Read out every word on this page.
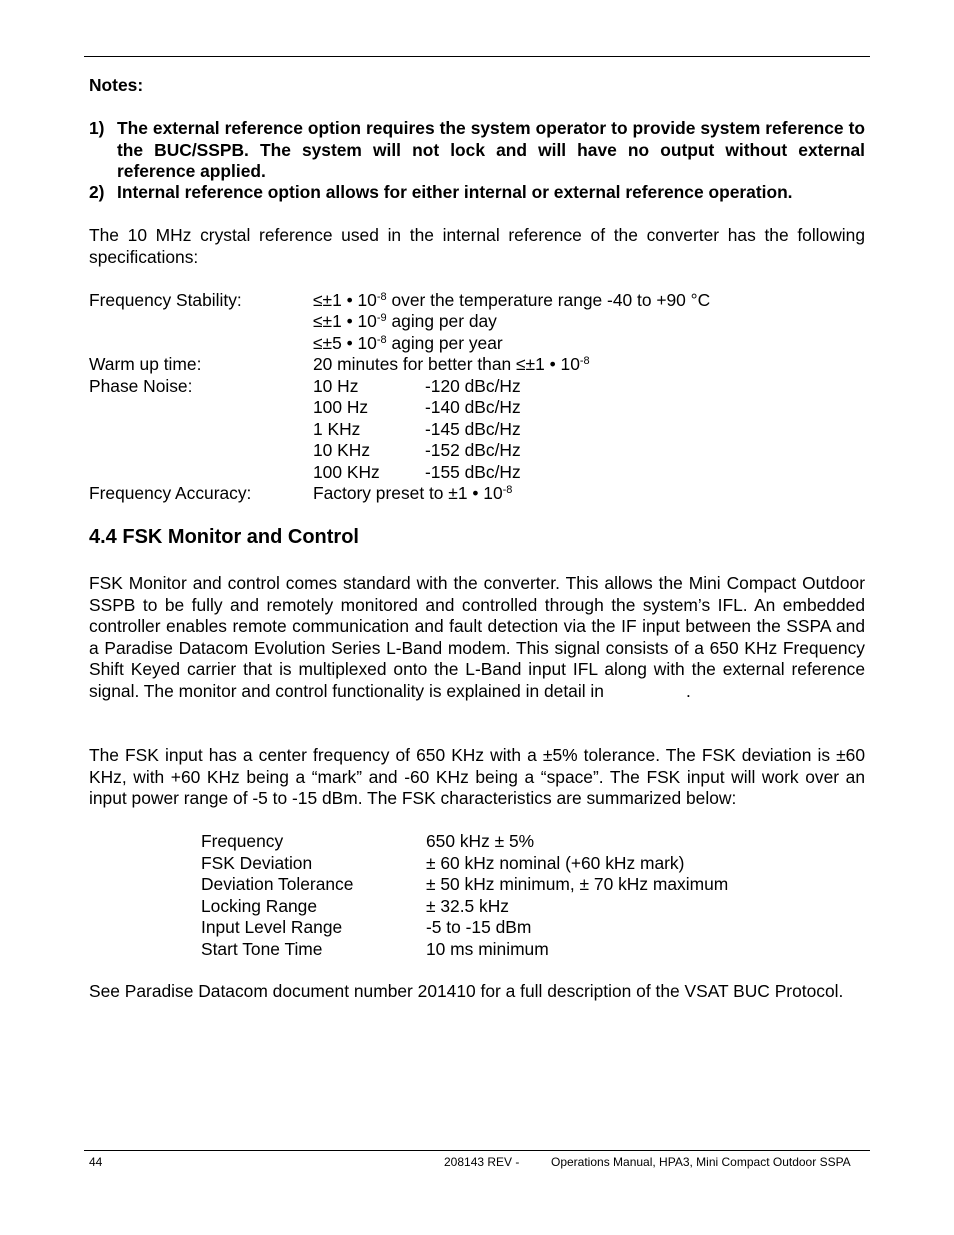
Notes:
1) The external reference option requires the system operator to provide system reference to the BUC/SSPB. The system will not lock and will have no output without external reference applied.
2) Internal reference option allows for either internal or external reference operation.
The 10 MHz crystal reference used in the internal reference of the converter has the following specifications:
Frequency Stability:	≤±1 • $10^{-8}$ over the temperature range -40 to +90 °C
≤±1 • $10^{-9}$ aging per day
≤±5 • $10^{-8}$ aging per year
Warm up time:	20 minutes for better than ≤±1 • $10^{-8}$
Phase Noise:	10 Hz	-120 dBc/Hz
100 Hz	-140 dBc/Hz
1 KHz	-145 dBc/Hz
10 KHz	-152 dBc/Hz
100 KHz	-155 dBc/Hz
Frequency Accuracy:	Factory preset to ±1 • $10^{-8}$
4.4 FSK Monitor and Control
FSK Monitor and control comes standard with the converter. This allows the Mini Compact Outdoor SSPB to be fully and remotely monitored and controlled through the system’s IFL. An embedded controller enables remote communication and fault detection via the IF input between the SSPA and a Paradise Datacom Evolution Series L-Band modem. This signal consists of a 650 KHz Frequency Shift Keyed carrier that is multiplexed onto the L-Band input IFL along with the external reference signal. The monitor and control functionality is explained in detail in	.
The FSK input has a center frequency of 650 KHz with a ±5% tolerance. The FSK deviation is ±60 KHz, with +60 KHz being a “mark” and -60 KHz being a “space”. The FSK input will work over an input power range of -5 to -15 dBm. The FSK characteristics are summarized below:
Frequency	650 kHz ± 5%
FSK Deviation	± 60 kHz nominal (+60 kHz mark)
Deviation Tolerance	± 50 kHz minimum, ± 70 kHz maximum
Locking Range	± 32.5 kHz
Input Level Range	-5 to -15 dBm
Start Tone Time	10 ms minimum
See Paradise Datacom document number 201410 for a full description of the VSAT BUC Protocol.
44	208143 REV -	Operations Manual, HPA3, Mini Compact Outdoor SSPA
